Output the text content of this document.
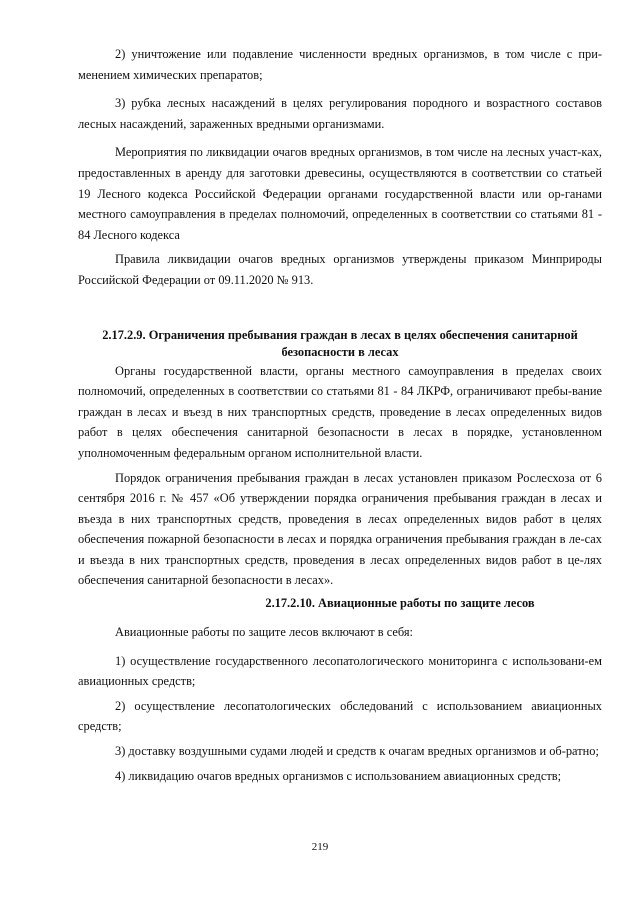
2) уничтожение или подавление численности вредных организмов, в том числе с при-менением химических препаратов;

3) рубка лесных насаждений в целях регулирования породного и возрастного составов лесных насаждений, зараженных вредными организмами.

Мероприятия по ликвидации очагов вредных организмов, в том числе на лесных участ-ках, предоставленных в аренду для заготовки древесины, осуществляются в соответствии со статьей 19 Лесного кодекса Российской Федерации органами государственной власти или ор-ганами местного самоуправления в пределах полномочий, определенных в соответствии со статьями 81 - 84 Лесного кодекса

Правила ликвидации очагов вредных организмов утверждены приказом Минприроды Российской Федерации от 09.11.2020 № 913.

2.17.2.9. Ограничения пребывания граждан в лесах в целях обеспечения санитарной безопасности в лесах

Органы государственной власти, органы местного самоуправления в пределах своих полномочий, определенных в соответствии со статьями 81 - 84 ЛКРФ, ограничивают пребы-вание граждан в лесах и въезд в них транспортных средств, проведение в лесах определенных видов работ в целях обеспечения санитарной безопасности в лесах в порядке, установленном уполномоченным федеральным органом исполнительной власти.

Порядок ограничения пребывания граждан в лесах установлен приказом Рослесхоза от 6 сентября 2016 г. № 457 «Об утверждении порядка ограничения пребывания граждан в лесах и въезда в них транспортных средств, проведения в лесах определенных видов работ в целях обеспечения пожарной безопасности в лесах и порядка ограничения пребывания граждан в ле-сах и въезда в них транспортных средств, проведения в лесах определенных видов работ в це-лях обеспечения санитарной безопасности в лесах».

2.17.2.10. Авиационные работы по защите лесов

Авиационные работы по защите лесов включают в себя:

1) осуществление государственного лесопатологического мониторинга с использовани-ем авиационных средств;

2) осуществление лесопатологических обследований с использованием авиационных средств;

3) доставку воздушными судами людей и средств к очагам вредных организмов и об-ратно;

4) ликвидацию очагов вредных организмов с использованием авиационных средств;

219
